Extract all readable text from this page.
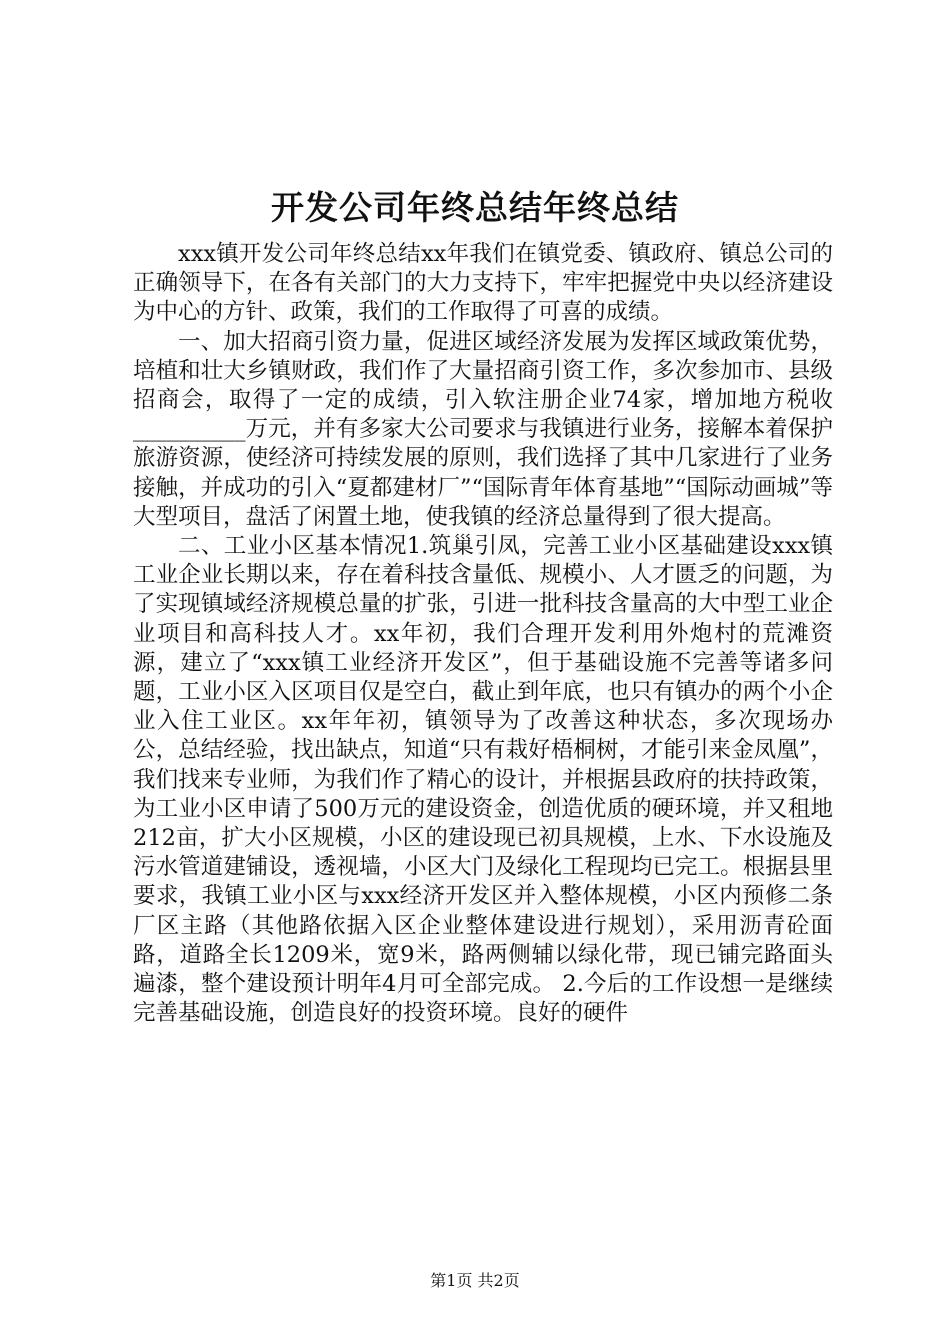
开发公司年终总结年终总结

xxx镇开发公司年终总结xx年我们在镇党委、镇政府、镇总公司的正确领导下，在各有关部门的大力支持下，牢牢把握党中央以经济建设为中心的方针、政策，我们的工作取得了可喜的成绩。

一、加大招商引资力量，促进区域经济发展为发挥区域政策优势，培植和壮大乡镇财政，我们作了大量招商引资工作，多次参加市、县级招商会，取得了一定的成绩，引入软注册企业74家，增加地方税收__________万元，并有多家大公司要求与我镇进行业务，接解本着保护旅游资源，使经济可持续发展的原则，我们选择了其中几家进行了业务接触，并成功的引入“夏都建材厂”“国际青年体育基地”“国际动画城”等大型项目，盘活了闲置土地，使我镇的经济总量得到了很大提高。

二、工业小区基本情况1.筑巢引凤，完善工业小区基础建设xxx镇工业企业长期以来，存在着科技含量低、规模小、人才匮乏的问题，为了实现镇域经济规模总量的扩张，引进一批科技含量高的大中型工业企业项目和高科技人才。xx年初，我们合理开发利用外炮村的荒滩资源，建立了“xxx镇工业经济开发区”，但于基础设施不完善等诸多问题，工业小区入区项目仅是空白，截止到年底，也只有镇办的两个小企业入住工业区。xx年年初，镇领导为了改善这种状态，多次现场办公，总结经验，找出缺点，知道“只有栽好梧桐树，才能引来金凤凰”，我们找来专业师，为我们作了精心的设计，并根据县政府的扶持政策，为工业小区申请了500万元的建设资金，创造优质的硬环境，并又租地212亩，扩大小区规模，小区的建设现已初具规模，上水、下水设施及污水管道建铺设，透视墙，小区大门及绿化工程现均已完工。根据县里要求，我镇工业小区与xxx经济开发区并入整体规模，小区内预修二条厂区主路（其他路依据入区企业整体建设进行规划），采用沥青砼面路，道路全长1209米，宽9米，路两侧辅以绿化带，现已铺完路面头遍漆，整个建设预计明年4月可全部完成。 2.今后的工作设想一是继续完善基础设施，创造良好的投资环境。良好的硬件

第1页 共2页
